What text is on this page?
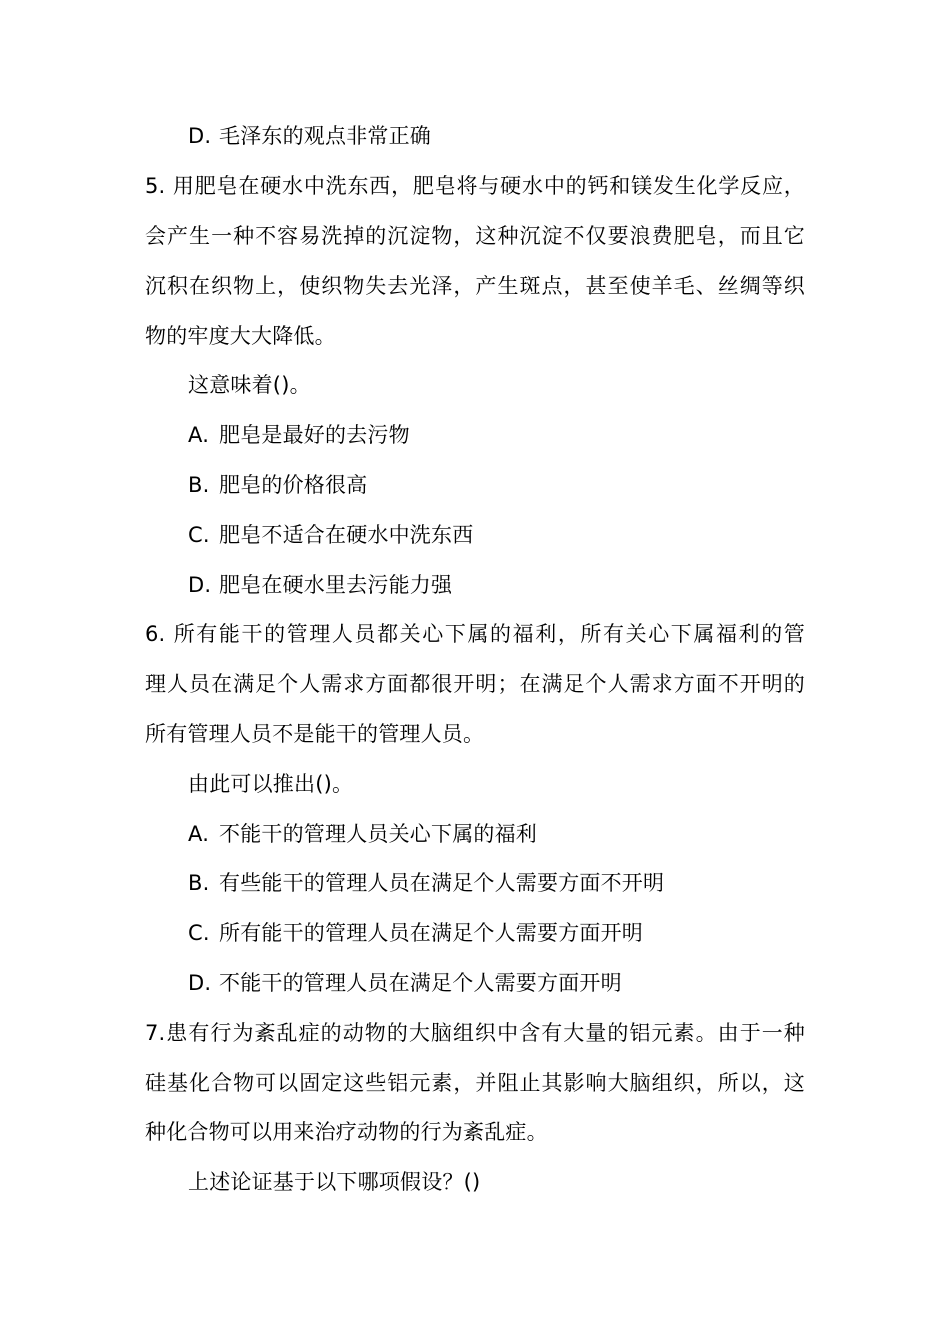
D. 毛泽东的观点非常正确
5. 用肥皂在硬水中洗东西，肥皂将与硬水中的钙和镁发生化学反应，
会产生一种不容易洗掉的沉淀物，这种沉淀不仅要浪费肥皂，而且它
沉积在织物上，使织物失去光泽，产生斑点，甚至使羊毛、丝绸等织
物的牢度大大降低。
这意味着()。
A. 肥皂是最好的去污物
B. 肥皂的价格很高
C. 肥皂不适合在硬水中洗东西
D. 肥皂在硬水里去污能力强
6. 所有能干的管理人员都关心下属的福利，所有关心下属福利的管
理人员在满足个人需求方面都很开明；在满足个人需求方面不开明的
所有管理人员不是能干的管理人员。
由此可以推出()。
A. 不能干的管理人员关心下属的福利
B. 有些能干的管理人员在满足个人需要方面不开明
C. 所有能干的管理人员在满足个人需要方面开明
D. 不能干的管理人员在满足个人需要方面开明
7.患有行为紊乱症的动物的大脑组织中含有大量的铝元素。由于一种
硅基化合物可以固定这些铝元素，并阻止其影响大脑组织，所以，这
种化合物可以用来治疗动物的行为紊乱症。
上述论证基于以下哪项假设？()
